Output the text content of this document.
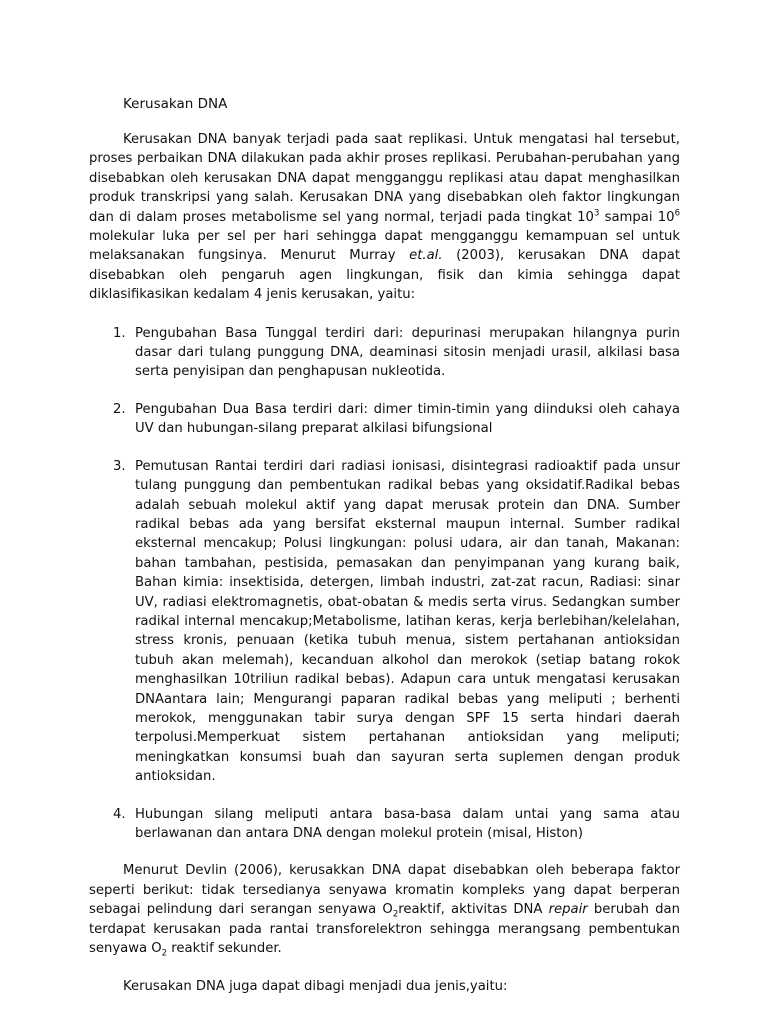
Kerusakan DNA

Kerusakan DNA banyak terjadi pada saat replikasi. Untuk mengatasi hal tersebut, proses perbaikan DNA dilakukan pada akhir proses replikasi. Perubahan-perubahan yang disebabkan oleh kerusakan DNA dapat mengganggu replikasi atau dapat menghasilkan produk transkripsi yang salah. Kerusakan DNA yang disebabkan oleh faktor lingkungan dan di dalam proses metabolisme sel yang normal, terjadi pada tingkat $10^3$ sampai $10^6$ molekular luka per sel per hari sehingga dapat mengganggu kemampuan sel untuk melaksanakan fungsinya. Menurut Murray et.al. (2003), kerusakan DNA dapat disebabkan oleh pengaruh agen lingkungan, fisik dan kimia sehingga dapat diklasifikasikan kedalam 4 jenis kerusakan, yaitu:

1. Pengubahan Basa Tunggal terdiri dari: depurinasi merupakan hilangnya purin dasar dari tulang punggung DNA, deaminasi sitosin menjadi urasil, alkilasi basa serta penyisipan dan penghapusan nukleotida.
2. Pengubahan Dua Basa terdiri dari: dimer timin-timin yang diinduksi oleh cahaya UV dan hubungan-silang preparat alkilasi bifungsional
3. Pemutusan Rantai terdiri dari radiasi ionisasi, disintegrasi radioaktif pada unsur tulang punggung dan pembentukan radikal bebas yang oksidatif.Radikal bebas adalah sebuah molekul aktif yang dapat merusak protein dan DNA. Sumber radikal bebas ada yang bersifat eksternal maupun internal. Sumber radikal eksternal mencakup; Polusi lingkungan: polusi udara, air dan tanah, Makanan: bahan tambahan, pestisida, pemasakan dan penyimpanan yang kurang baik, Bahan kimia: insektisida, detergen, limbah industri, zat-zat racun, Radiasi: sinar UV, radiasi elektromagnetis, obat-obatan & medis serta virus. Sedangkan sumber radikal internal mencakup;Metabolisme, latihan keras, kerja berlebihan/kelelahan, stress kronis, penuaan (ketika tubuh menua, sistem pertahanan antioksidan tubuh akan melemah), kecanduan alkohol dan merokok (setiap batang rokok menghasilkan 10triliun radikal bebas). Adapun cara untuk mengatasi kerusakan DNAantara lain; Mengurangi paparan radikal bebas yang meliputi ; berhenti merokok, menggunakan tabir surya dengan SPF 15 serta hindari daerah terpolusi.Memperkuat sistem pertahanan antioksidan yang meliputi; meningkatkan konsumsi buah dan sayuran serta suplemen dengan produk antioksidan.
4. Hubungan silang meliputi antara basa-basa dalam untai yang sama atau berlawanan dan antara DNA dengan molekul protein (misal, Histon)

Menurut Devlin (2006), kerusakkan DNA dapat disebabkan oleh beberapa faktor seperti berikut: tidak tersedianya senyawa kromatin kompleks yang dapat berperan sebagai pelindung dari serangan senyawa $O_2reaktif$, aktivitas DNA repair berubah dan terdapat kerusakan pada rantai transforelektron sehingga merangsang pembentukan senyawa $O_2$ reaktif sekunder.

Kerusakan DNA juga dapat dibagi menjadi dua jenis,yaitu:
